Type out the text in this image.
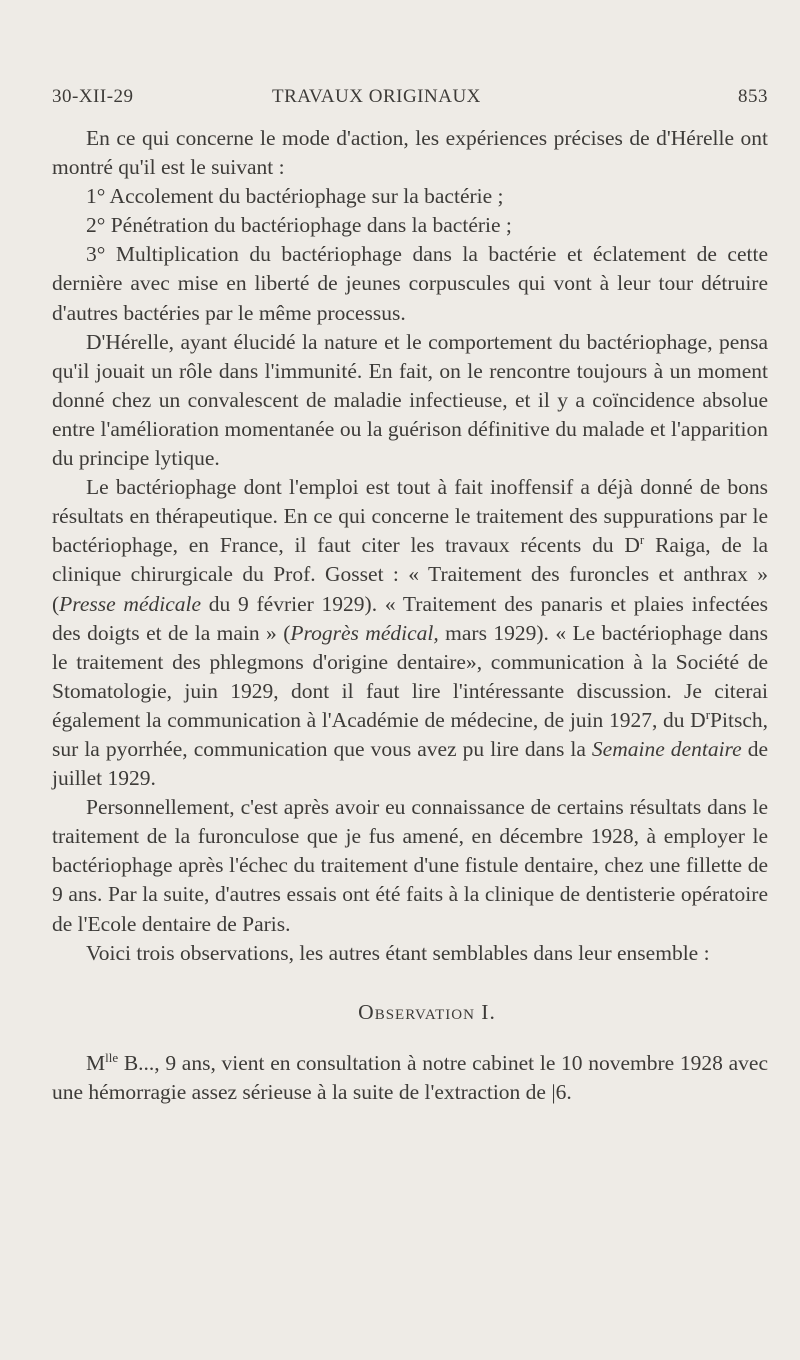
30-XII-29	TRAVAUX ORIGINAUX	853

En ce qui concerne le mode d'action, les expériences précises de d'Hérelle ont montré qu'il est le suivant :

1° Accolement du bactériophage sur la bactérie ;

2° Pénétration du bactériophage dans la bactérie ;

3° Multiplication du bactériophage dans la bactérie et éclatement de cette dernière avec mise en liberté de jeunes corpuscules qui vont à leur tour détruire d'autres bactéries par le même processus.

D'Hérelle, ayant élucidé la nature et le comportement du bactériophage, pensa qu'il jouait un rôle dans l'immunité. En fait, on le rencontre toujours à un moment donné chez un convalescent de maladie infectieuse, et il y a coïncidence absolue entre l'amélioration momentanée ou la guérison définitive du malade et l'apparition du principe lytique.

Le bactériophage dont l'emploi est tout à fait inoffensif a déjà donné de bons résultats en thérapeutique. En ce qui concerne le traitement des suppurations par le bactériophage, en France, il faut citer les travaux récents du $D^r$ Raiga, de la clinique chirurgicale du Prof. Gosset : « Traitement des furoncles et anthrax » (Presse médicale du 9 février 1929). « Traitement des panaris et plaies infectées des doigts et de la main » (Progrès médical, mars 1929). « Le bactériophage dans le traitement des phlegmons d'origine dentaire», communication à la Société de Stomatologie, juin 1929, dont il faut lire l'intéressante discussion. Je citerai également la communication à l'Académie de médecine, de juin 1927, du $D^rPitsch$, sur la pyorrhée, communication que vous avez pu lire dans la Semaine dentaire de juillet 1929.

Personnellement, c'est après avoir eu connaissance de certains résultats dans le traitement de la furonculose que je fus amené, en décembre 1928, à employer le bactériophage après l'échec du traitement d'une fistule dentaire, chez une fillette de 9 ans. Par la suite, d'autres essais ont été faits à la clinique de dentisterie opératoire de l'Ecole dentaire de Paris.

Voici trois observations, les autres étant semblables dans leur ensemble :

Observation I.

$M^{lle}$ B..., 9 ans, vient en consultation à notre cabinet le 10 novembre 1928 avec une hémorragie assez sérieuse à la suite de l'extraction de |6.
